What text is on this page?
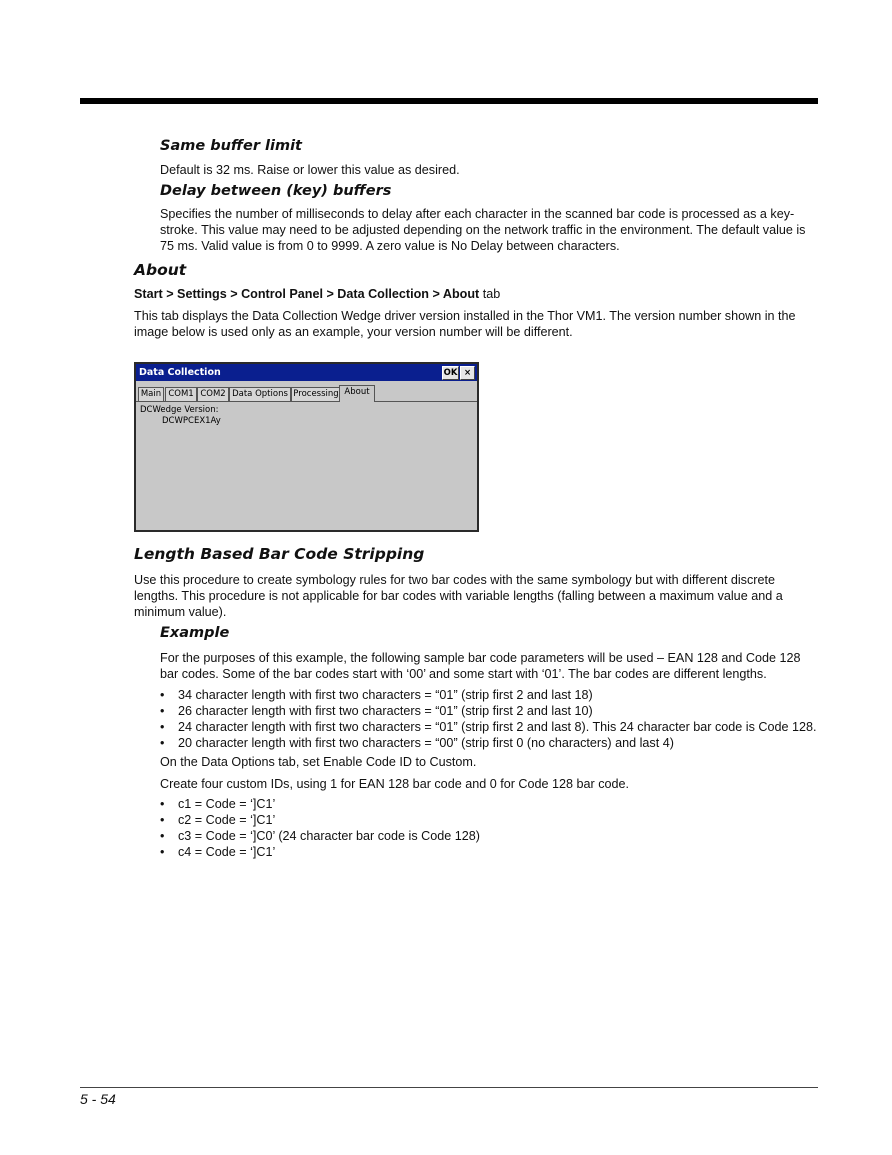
Same buffer limit

Default is 32 ms. Raise or lower this value as desired.

Delay between (key) buffers

Specifies the number of milliseconds to delay after each character in the scanned bar code is processed as a key-stroke. This value may need to be adjusted depending on the network traffic in the environment. The default value is 75 ms. Valid value is from 0 to 9999. A zero value is No Delay between characters.

About

Start > Settings > Control Panel > Data Collection > About tab

This tab displays the Data Collection Wedge driver version installed in the Thor VM1. The version number shown in the image below is used only as an example, your version number will be different.

Data Collection	OK ×
Main COM1 COM2 Data Options Processing About
DCWedge Version:
DCWPCEX1Ay
Length Based Bar Code Stripping

Use this procedure to create symbology rules for two bar codes with the same symbology but with different discrete lengths. This procedure is not applicable for bar codes with variable lengths (falling between a maximum value and a minimum value).

Example

For the purposes of this example, the following sample bar code parameters will be used – EAN 128 and Code 128 bar codes. Some of the bar codes start with ‘00’ and some start with ‘01’. The bar codes are different lengths.

• 34 character length with first two characters = “01” (strip first 2 and last 18)
• 26 character length with first two characters = “01” (strip first 2 and last 10)
• 24 character length with first two characters = “01” (strip first 2 and last 8). This 24 character bar code is Code 128.
• 20 character length with first two characters = “00” (strip first 0 (no characters) and last 4)

On the Data Options tab, set Enable Code ID to Custom.

Create four custom IDs, using 1 for EAN 128 bar code and 0 for Code 128 bar code.

• c1 = Code = ‘]C1’
• c2 = Code = ‘]C1’
• c3 = Code = ‘]C0’ (24 character bar code is Code 128)
• c4 = Code = ‘]C1’
5 - 54
